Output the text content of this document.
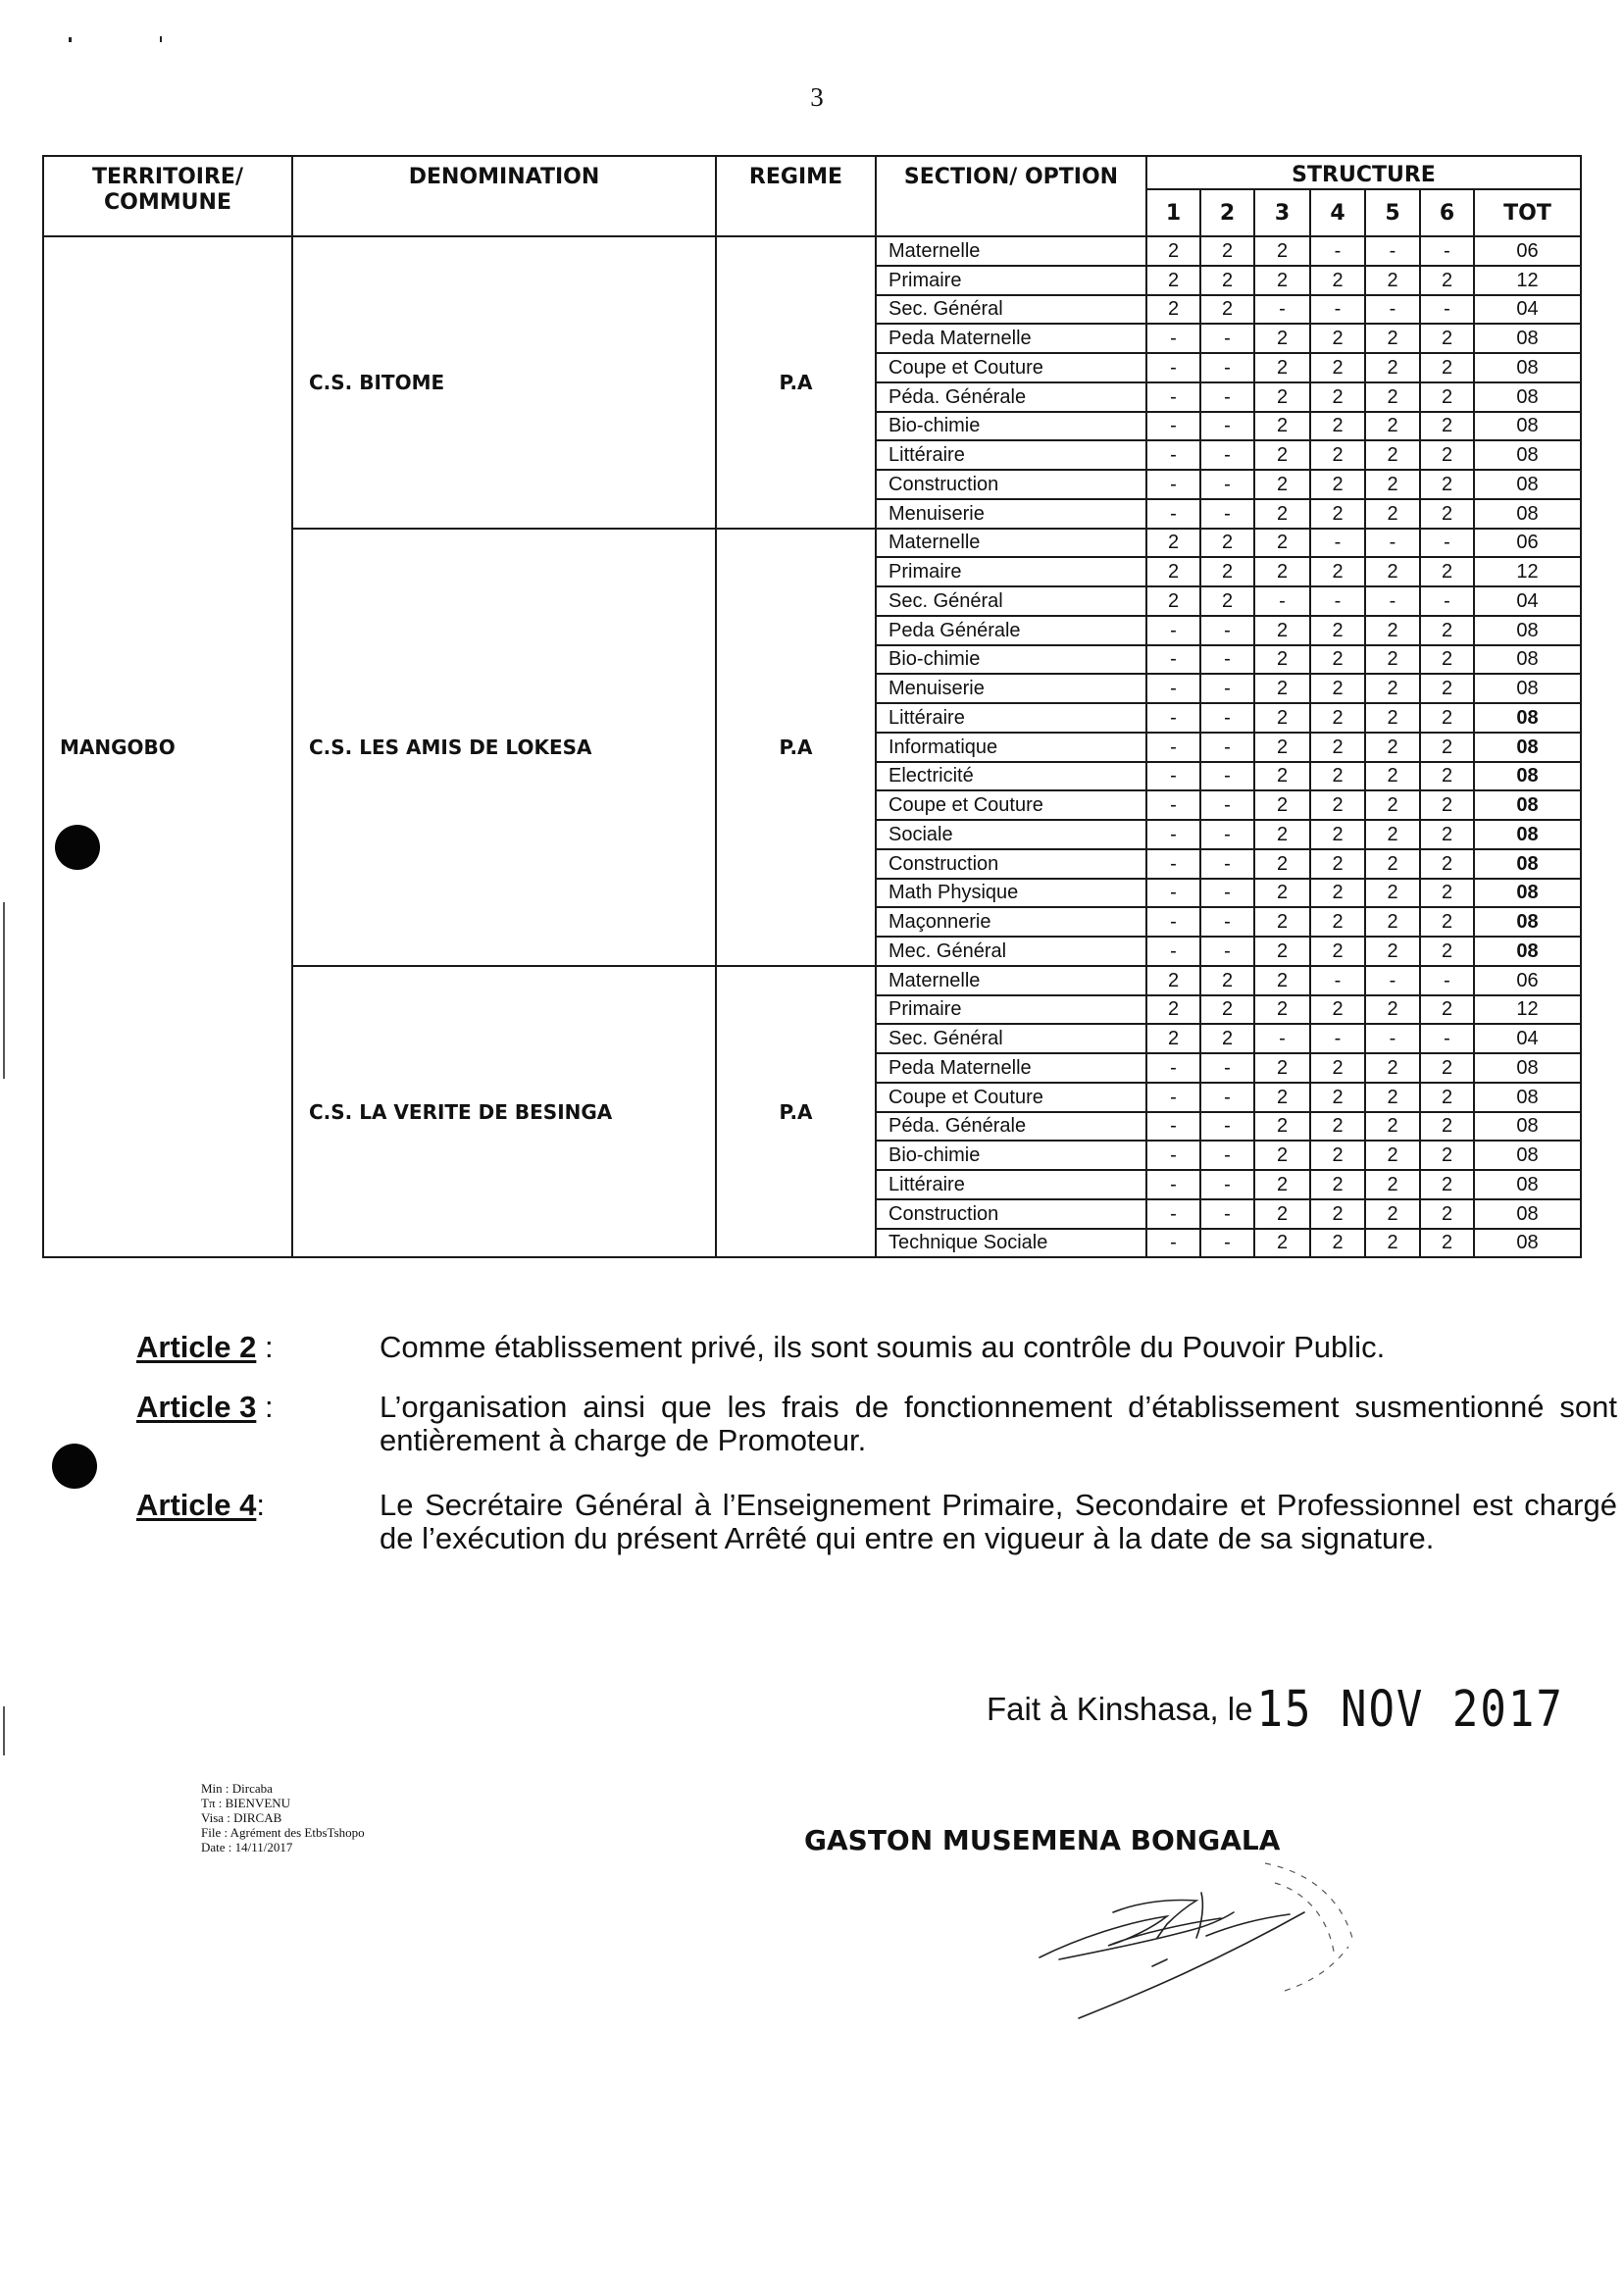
3
TERRITOIRE/ COMMUNE	DENOMINATION	REGIME	SECTION/ OPTION	STRUCTURE						
				1	2	3	4	5	6	TOT
MANGOBO	C.S. BITOME	P.A	Maternelle	2	2	2	-	-	-	06
			Primaire	2	2	2	2	2	2	12
			Sec. Général	2	2	-	-	-	-	04
			Peda Maternelle	-	-	2	2	2	2	08
			Coupe et Couture	-	-	2	2	2	2	08
			Péda. Générale	-	-	2	2	2	2	08
			Bio-chimie	-	-	2	2	2	2	08
			Littéraire	-	-	2	2	2	2	08
			Construction	-	-	2	2	2	2	08
			Menuiserie	-	-	2	2	2	2	08
	C.S. LES AMIS DE LOKESA	P.A	Maternelle	2	2	2	-	-	-	06
			Primaire	2	2	2	2	2	2	12
			Sec. Général	2	2	-	-	-	-	04
			Peda Générale	-	-	2	2	2	2	08
			Bio-chimie	-	-	2	2	2	2	08
			Menuiserie	-	-	2	2	2	2	08
			Littéraire	-	-	2	2	2	2	08
			Informatique	-	-	2	2	2	2	08
			Electricité	-	-	2	2	2	2	08
			Coupe et Couture	-	-	2	2	2	2	08
			Sociale	-	-	2	2	2	2	08
			Construction	-	-	2	2	2	2	08
			Math Physique	-	-	2	2	2	2	08
			Maçonnerie	-	-	2	2	2	2	08
			Mec. Général	-	-	2	2	2	2	08
	C.S. LA VERITE DE BESINGA	P.A	Maternelle	2	2	2	-	-	-	06
			Primaire	2	2	2	2	2	2	12
			Sec. Général	2	2	-	-	-	-	04
			Peda Maternelle	-	-	2	2	2	2	08
			Coupe et Couture	-	-	2	2	2	2	08
			Péda. Générale	-	-	2	2	2	2	08
			Bio-chimie	-	-	2	2	2	2	08
			Littéraire	-	-	2	2	2	2	08
			Construction	-	-	2	2	2	2	08
			Technique Sociale	-	-	2	2	2	2	08
Article 2 :	Comme établissement privé, ils sont soumis au contrôle du Pouvoir Public.
Article 3 :	L’organisation ainsi que les frais de fonctionnement d’établissement susmentionné sont entièrement à charge de Promoteur.
Article 4:	Le Secrétaire Général à l’Enseignement Primaire, Secondaire et Professionnel est chargé de l’exécution du présent Arrêté qui entre en vigueur à la date de sa signature.
Fait à Kinshasa, le15 NOV 2017
Min : Dircaba
Tπ : BIENVENU
Visa : DIRCAB
File : Agrément des EtbsTshopo
Date : 14/11/2017	GASTON MUSEMENA BONGALA
